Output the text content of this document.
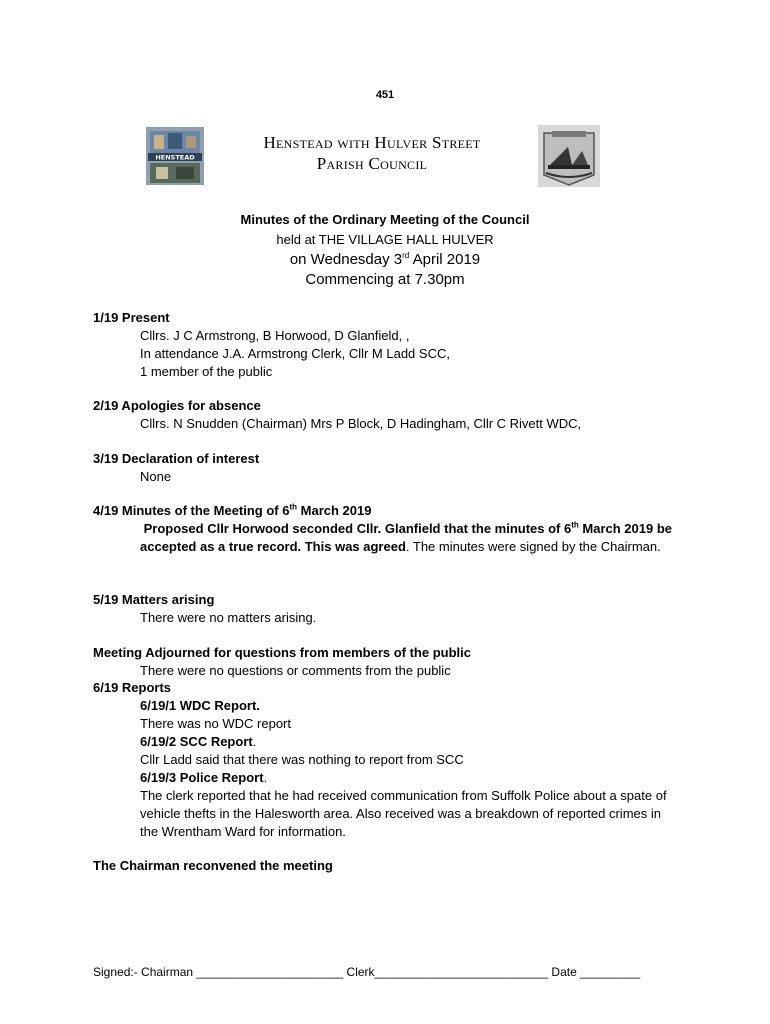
451
HENSTEAD
Henstead with Hulver Street
Parish Council
Minutes of the Ordinary Meeting of the Council
held at THE VILLAGE HALL HULVER
on Wednesday 3rd April 2019
Commencing at 7.30pm
1/19 Present
Cllrs. J C Armstrong, B Horwood, D Glanfield, ,
In attendance J.A. Armstrong Clerk, Cllr M Ladd SCC,
1 member of the public
2/19 Apologies for absence
Cllrs. N Snudden (Chairman) Mrs P Block, D Hadingham, Cllr C Rivett WDC,
3/19 Declaration of interest
None
4/19 Minutes of the Meeting of 6th March 2019
Proposed Cllr Horwood seconded Cllr. Glanfield that the minutes of 6th March 2019 be accepted as a true record. This was agreed. The minutes were signed by the Chairman.
5/19 Matters arising
There were no matters arising.
Meeting Adjourned for questions from members of the public
There were no questions or comments from the public
6/19 Reports
6/19/1 WDC Report.
There was no WDC report
6/19/2 SCC Report.
Cllr Ladd said that there was nothing to report from SCC
6/19/3 Police Report.
The clerk reported that he had received communication from Suffolk Police about a spate of vehicle thefts in the Halesworth area. Also received was a breakdown of reported crimes in the Wrentham Ward for information.
The Chairman reconvened the meeting
Signed:- Chairman ______________________ Clerk__________________________ Date _________
